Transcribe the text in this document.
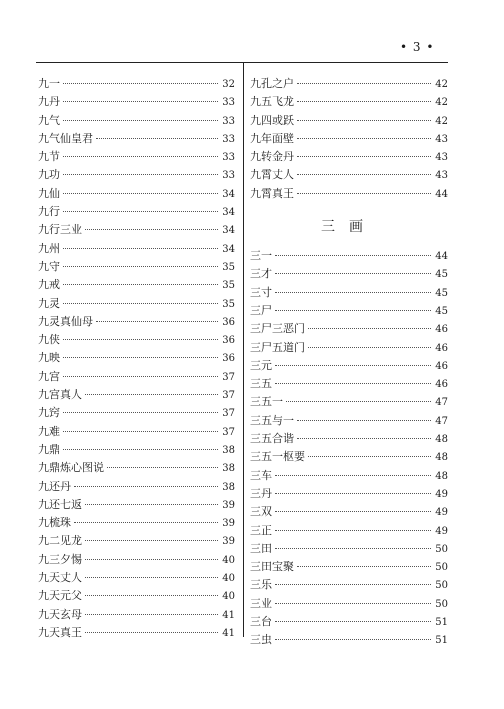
• 3 •
九一	32
九丹	33
九气	33
九气仙皇君	33
九节	33
九功	33
九仙	34
九行	34
九行三业	34
九州	34
九守	35
九戒	35
九灵	35
九灵真仙母	36
九侠	36
九映	36
九宫	37
九宫真人	37
九窍	37
九难	37
九鼎	38
九鼎炼心图说	38
九还丹	38
九还七返	39
九梳珠	39
九二见龙	39
九三夕惕	40
九天丈人	40
九天元父	40
九天玄母	41
九天真王	41
九孔之户	42
九五飞龙	42
九四或跃	42
九年面壁	43
九转金丹	43
九霄丈人	43
九霄真王	44
三画
三一	44
三才	45
三寸	45
三尸	45
三尸三恶门	46
三尸五道门	46
三元	46
三五	46
三五一	47
三五与一	47
三五合谐	48
三五一枢要	48
三车	48
三丹	49
三双	49
三正	49
三田	50
三田宝聚	50
三乐	50
三业	50
三台	51
三虫	51
